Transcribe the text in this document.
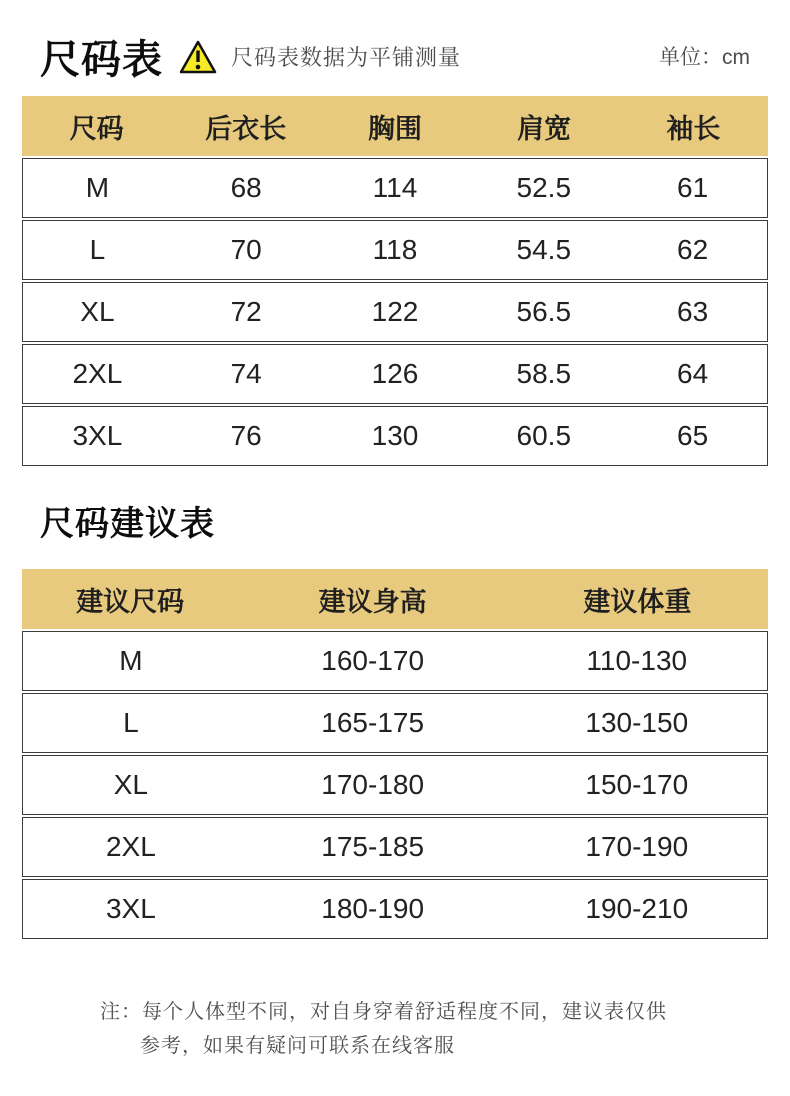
尺码表	尺码表数据为平铺测量	单位：cm
尺码	后衣长	胸围	肩宽	袖长
M	68	114	52.5	61
L	70	118	54.5	62
XL	72	122	56.5	63
2XL	74	126	58.5	64
3XL	76	130	60.5	65
尺码建议表
建议尺码	建议身高	建议体重
M	160-170	110-130
L	165-175	130-150
XL	170-180	150-170
2XL	175-185	170-190
3XL	180-190	190-210
注：每个人体型不同，对自身穿着舒适程度不同，建议表仅供
参考，如果有疑问可联系在线客服
